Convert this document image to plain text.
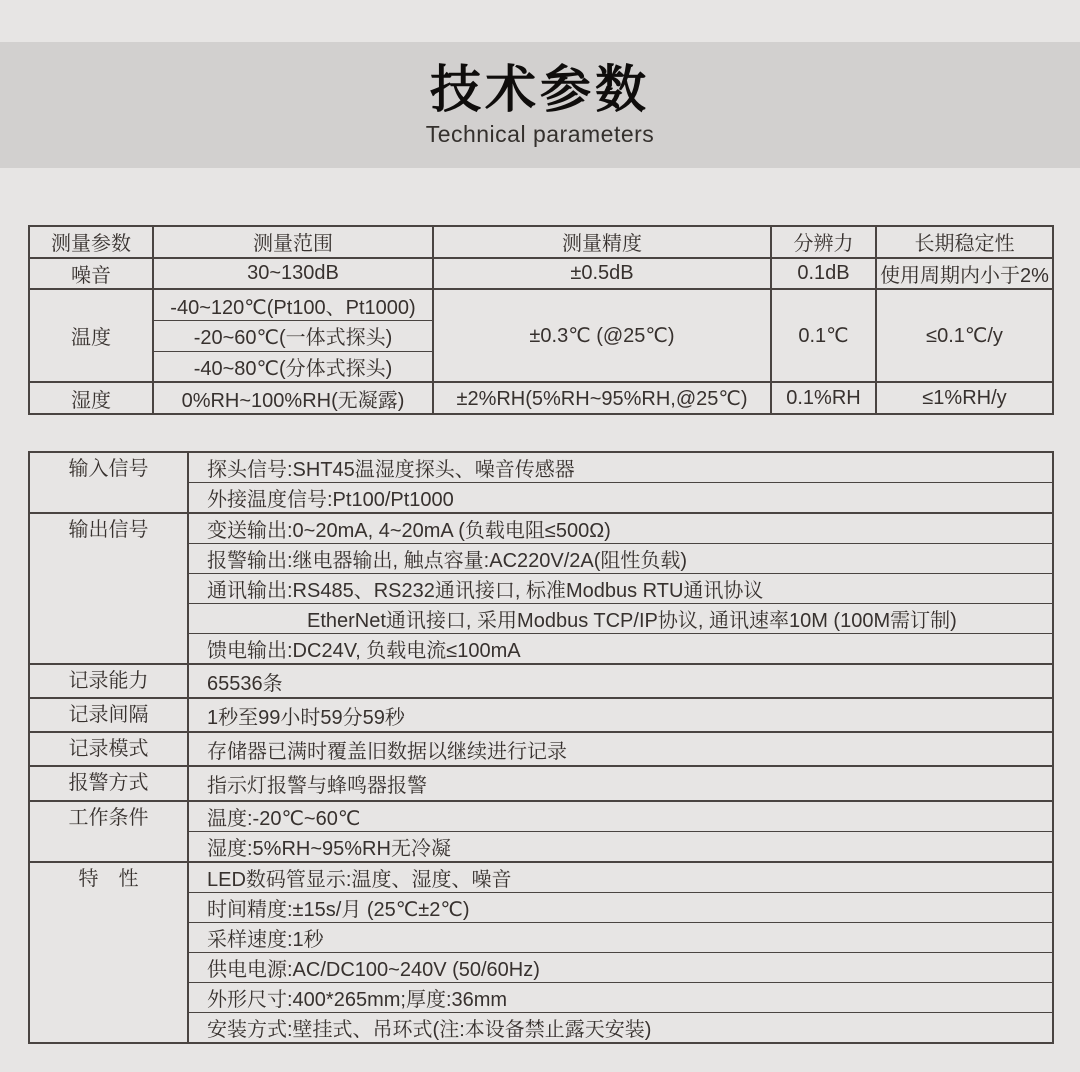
技术参数
Technical parameters
测量参数	测量范围	测量精度	分辨力	长期稳定性
噪音	30~130dB	±0.5dB	0.1dB	使用周期内小于2%
温度	-40~120℃(Pt100、Pt1000)	±0.3℃ (@25℃)	0.1℃	≤0.1℃/y
	-20~60℃(一体式探头)			
	-40~80℃(分体式探头)			
湿度	0%RH~100%RH(无凝露)	±2%RH(5%RH~95%RH,@25℃)	0.1%RH	≤1%RH/y
输入信号	探头信号:SHT45温湿度探头、噪音传感器
	外接温度信号:Pt100/Pt1000
输出信号	变送输出:0~20mA, 4~20mA (负载电阻≤500Ω)
	报警输出:继电器输出, 触点容量:AC220V/2A(阻性负载)
	通讯输出:RS485、RS232通讯接口, 标准Modbus RTU通讯协议
	EtherNet通讯接口, 采用Modbus TCP/IP协议, 通讯速率10M (100M需订制)
	馈电输出:DC24V, 负载电流≤100mA
记录能力	65536条
记录间隔	1秒至99小时59分59秒
记录模式	存储器已满时覆盖旧数据以继续进行记录
报警方式	指示灯报警与蜂鸣器报警
工作条件	温度:-20℃~60℃
	湿度:5%RH~95%RH无冷凝
特　性	LED数码管显示:温度、湿度、噪音
	时间精度:±15s/月 (25℃±2℃)
	采样速度:1秒
	供电电源:AC/DC100~240V (50/60Hz)
	外形尺寸:400*265mm;厚度:36mm
	安装方式:壁挂式、吊环式(注:本设备禁止露天安装)
